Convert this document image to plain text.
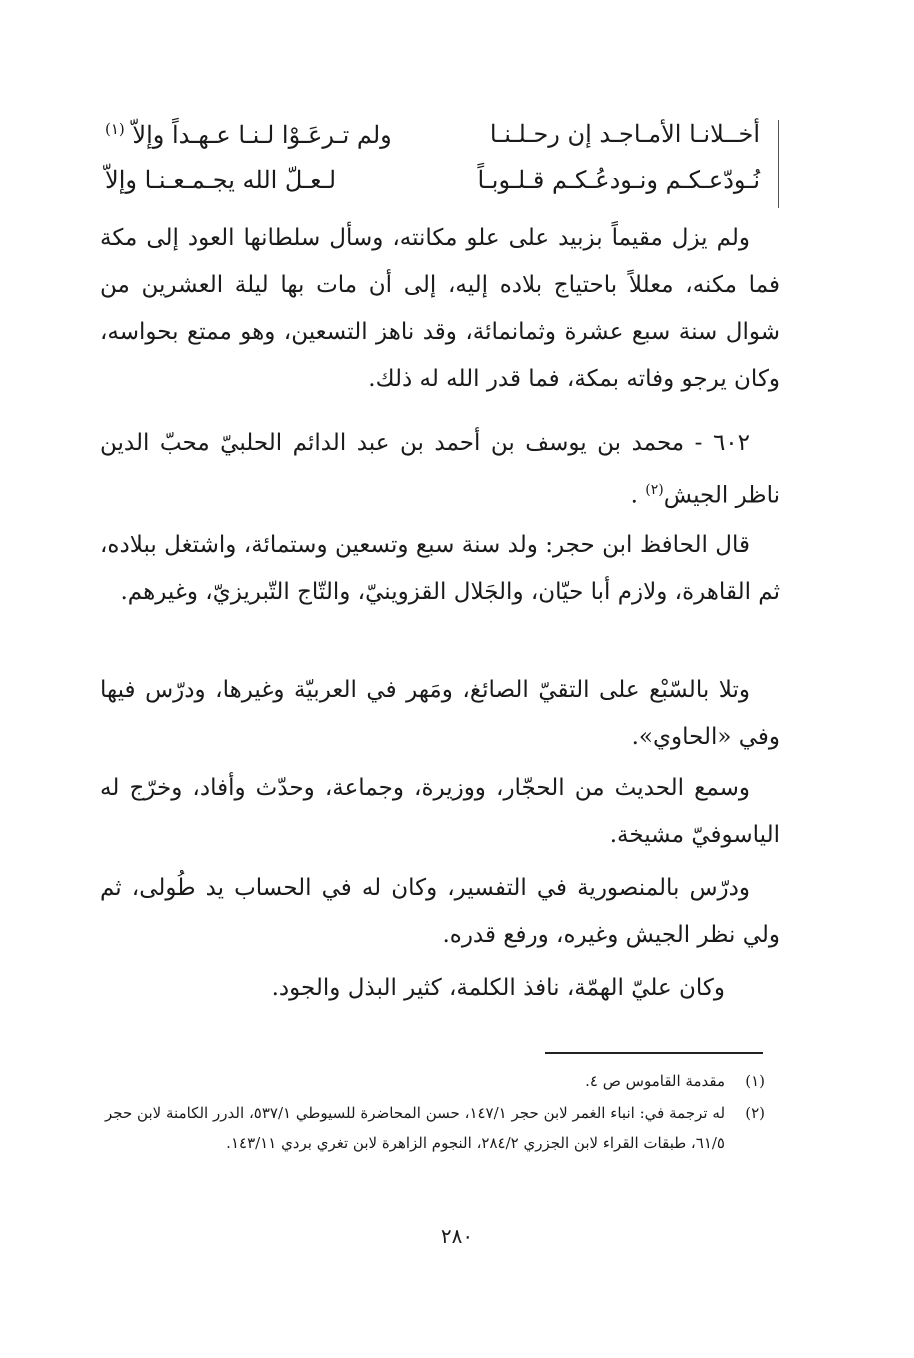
أخــلانـا الأمـاجـد إن رحـلـنـا
ولم تـرعَـوْا لـنـا عـهـداً وإلاّ $^{(١)}$
نُـودّعـكـم ونـودعُـكـم قـلـوبـاً
لـعـلّ الله يجـمـعـنـا وإلاّ

ولم يزل مقيماً بزبيد على علو مكانته، وسأل سلطانها العود إلى مكة فما مكنه، معللاً باحتياج بلاده إليه، إلى أن مات بها ليلة العشرين من شوال سنة سبع عشرة وثمانمائة، وقد ناهز التسعين، وهو ممتع بحواسه، وكان يرجو وفاته بمكة، فما قدر الله له ذلك.

٦٠٢ - محمد بن يوسف بن أحمد بن عبد الدائم الحلبيّ محبّ الدين ناظر الجيش$^{(٢)}$ .

قال الحافظ ابن حجر: ولد سنة سبع وتسعين وستمائة، واشتغل ببلاده، ثم القاهرة، ولازم أبا حيّان، والجَلال القزوينيّ، والتّاج التّبريزيّ، وغيرهم.

وتلا بالسّبْع على التقيّ الصائغ، ومَهر في العربيّة وغيرها، ودرّس فيها وفي «الحاوي».

وسمع الحديث من الحجّار، ووزيرة، وجماعة، وحدّث وأفاد، وخرّج له الياسوفيّ مشيخة.

ودرّس بالمنصورية في التفسير، وكان له في الحساب يد طُولى، ثم ولي نظر الجيش وغيره، ورفع قدره.

وكان عليّ الهمّة، نافذ الكلمة، كثير البذل والجود.

(١)مقدمة القاموس ص ٤.
(٢)
له ترجمة في: انباء الغمر لابن حجر ١٤٧/١، حسن المحاضرة للسيوطي ٥٣٧/١، الدرر الكامنة لابن حجر ٦١/٥، طبقات القراء لابن الجزري ٢٨٤/٢، النجوم الزاهرة لابن تغري بردي ١٤٣/١١.
٢٨٠
